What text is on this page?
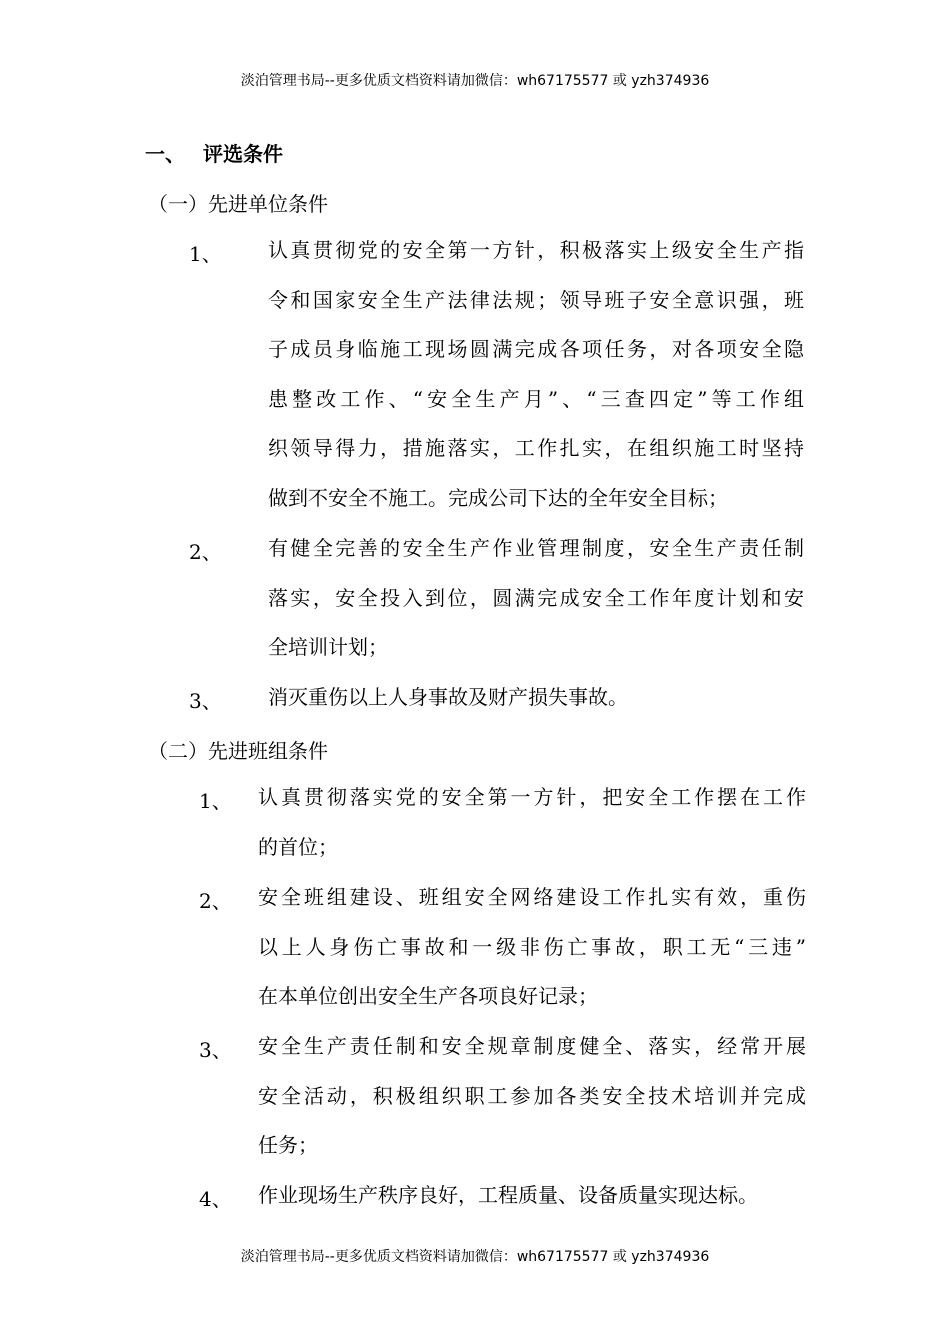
淡泊管理书局--更多优质文档资料请加微信：wh67175577 或 yzh374936
一、 评选条件
（一）先进单位条件
1、 认真贯彻党的安全第一方针，积极落实上级安全生产指
令和国家安全生产法律法规；领导班子安全意识强，班
子成员身临施工现场圆满完成各项任务，对各项安全隐
患整改工作、“安全生产月”、“三查四定”等工作组
织领导得力，措施落实，工作扎实，在组织施工时坚持
做到不安全不施工。完成公司下达的全年安全目标；
2、 有健全完善的安全生产作业管理制度，安全生产责任制
落实，安全投入到位，圆满完成安全工作年度计划和安
全培训计划；
3、 消灭重伤以上人身事故及财产损失事故。
（二）先进班组条件
1、 认真贯彻落实党的安全第一方针，把安全工作摆在工作
的首位；
2、 安全班组建设、班组安全网络建设工作扎实有效，重伤
以上人身伤亡事故和一级非伤亡事故，职工无“三违”
在本单位创出安全生产各项良好记录；
3、 安全生产责任制和安全规章制度健全、落实，经常开展
安全活动，积极组织职工参加各类安全技术培训并完成
任务；
4、 作业现场生产秩序良好，工程质量、设备质量实现达标。
淡泊管理书局--更多优质文档资料请加微信：wh67175577 或 yzh374936
